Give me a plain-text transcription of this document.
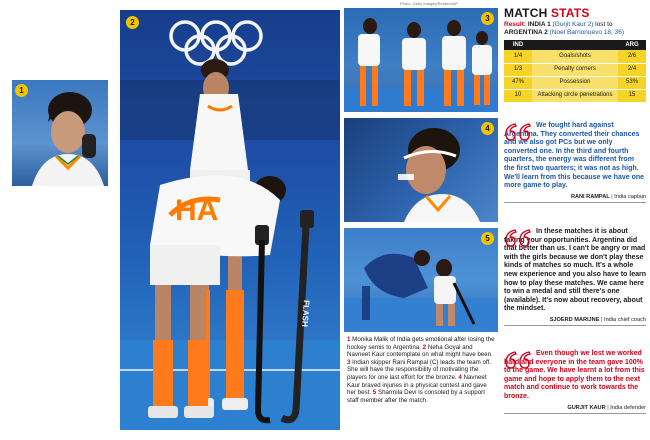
Photo: Getty Images/Reuters/AP
1
2
HA
FLASH
3
4
5
1 Monika Malik of India gets emotional after losing the hockey semis to Argentina. 2 Neha Goyal and Navneet Kaur contemplate on what might have been. 3 Indian skipper Rani Rampal (C) leads the team off. She will have the responsibility of motivating the players for one last effort for the bronze. 4 Navneet Kaur braved injuries in a physical contest and gave her best. 5 Sharmila Devi is consoled by a support staff member after the match.
MATCH STATS
Result: INDIA 1 (Gurjit Kaur 2) lost to
ARGENTINA 2 (Noel Barrionuevo 18, 36)
IND		ARG
1/4	Goals/shots	2/6
1/3	Penalty corners	2/4
47%	Possession	53%
10	Attacking circle penetrations	15

We fought hard against Argentina. They converted their chances and we also got PCs but we only converted one. In the third and fourth quarters, the energy was different from the first two quarters; it was not as high. We'll learn from this because we have one more game to play.

RANI RAMPAL | India captain

In these matches it is about taking your opportunities. Argentina did that better than us. I can't be angry or mad with the girls because we don't play these kinds of matches so much. It's a whole new experience and you also have to learn how to play these matches. We came here to win a medal and still there's one (available). It's now about recovery, about the mindset.

SJOERD MARIJNE | India chief coach

Even though we lost we worked hard and everyone in the team gave 100% to the game. We have learnt a lot from this game and hope to apply them to the next match and continue to work towards the bronze.

GURJIT KAUR | India defender
